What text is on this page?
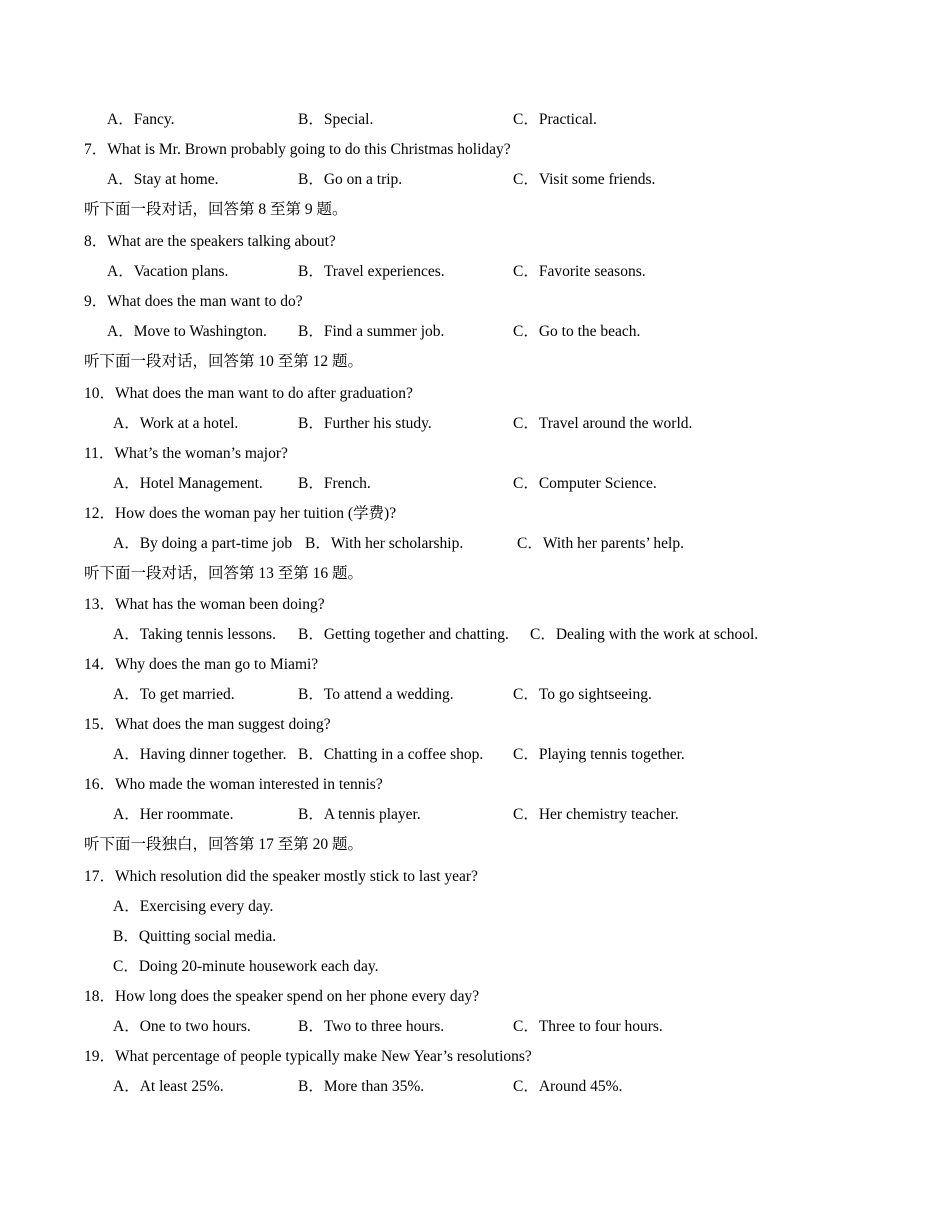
A．Fancy.	B．Special.	C．Practical.
7．What is Mr. Brown probably going to do this Christmas holiday?
A．Stay at home.	B．Go on a trip.	C．Visit some friends.
听下面一段对话，回答第 8 至第 9 题。
8．What are the speakers talking about?
A．Vacation plans.	B．Travel experiences.	C．Favorite seasons.
9．What does the man want to do?
A．Move to Washington. B．Find a summer job.	C．Go to the beach.
听下面一段对话，回答第 10 至第 12 题。
10．What does the man want to do after graduation?
A．Work at a hotel.	B．Further his study.	C．Travel around the world.
11．What’s the woman’s major?
A．Hotel Management. B．French.	C．Computer Science.
12．How does the woman pay her tuition (学费)?
A．By doing a part-time job B．With her scholarship.	C．With her parents’ help.
听下面一段对话，回答第 13 至第 16 题。
13．What has the woman been doing?
A．Taking tennis lessons. B．Getting together and chatting. C．Dealing with the work at school.
14．Why does the man go to Miami?
A．To get married.	B．To attend a wedding.	C．To go sightseeing.
15．What does the man suggest doing?
A．Having dinner together. B．Chatting in a coffee shop. C．Playing tennis together.
16．Who made the woman interested in tennis?
A．Her roommate.	B．A tennis player.	C．Her chemistry teacher.
听下面一段独白，回答第 17 至第 20 题。
17．Which resolution did the speaker mostly stick to last year?
A．Exercising every day.
B．Quitting social media.
C．Doing 20-minute housework each day.
18．How long does the speaker spend on her phone every day?
A．One to two hours.	B．Two to three hours.	C．Three to four hours.
19．What percentage of people typically make New Year’s resolutions?
A．At least 25%.	B．More than 35%.	C．Around 45%.
